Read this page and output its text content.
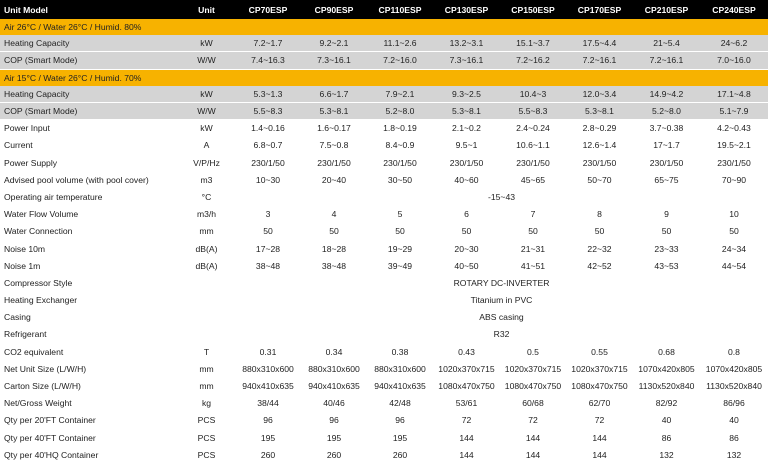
Unit Model	Unit	CP70ESP	CP90ESP	CP110ESP	CP130ESP	CP150ESP	CP170ESP	CP210ESP	CP240ESP
Air 26°C / Water 26°C / Humid. 80%									
Heating Capacity	kW	7.2~1.7	9.2~2.1	11.1~2.6	13.2~3.1	15.1~3.7	17.5~4.4	21~5.4	24~6.2
COP (Smart Mode)	W/W	7.4~16.3	7.3~16.1	7.2~16.0	7.3~16.1	7.2~16.2	7.2~16.1	7.2~16.1	7.0~16.0
Air 15°C / Water 26°C / Humid. 70%									
Heating Capacity	kW	5.3~1.3	6.6~1.7	7.9~2.1	9.3~2.5	10.4~3	12.0~3.4	14.9~4.2	17.1~4.8
COP (Smart Mode)	W/W	5.5~8.3	5.3~8.1	5.2~8.0	5.3~8.1	5.5~8.3	5.3~8.1	5.2~8.0	5.1~7.9
Power Input	kW	1.4~0.16	1.6~0.17	1.8~0.19	2.1~0.2	2.4~0.24	2.8~0.29	3.7~0.38	4.2~0.43
Current	A	6.8~0.7	7.5~0.8	8.4~0.9	9.5~1	10.6~1.1	12.6~1.4	17~1.7	19.5~2.1
Power Supply	V/P/Hz	230/1/50	230/1/50	230/1/50	230/1/50	230/1/50	230/1/50	230/1/50	230/1/50
Advised pool volume (with pool cover)	m3	10~30	20~40	30~50	40~60	45~65	50~70	65~75	70~90
Operating air temperature	°C	-15~43							
Water Flow Volume	m3/h	3	4	5	6	7	8	9	10
Water Connection	mm	50	50	50	50	50	50	50	50
Noise 10m	dB(A)	17~28	18~28	19~29	20~30	21~31	22~32	23~33	24~34
Noise 1m	dB(A)	38~48	38~48	39~49	40~50	41~51	42~52	43~53	44~54
Compressor Style		ROTARY DC-INVERTER							
Heating Exchanger		Titanium in PVC							
Casing		ABS casing							
Refrigerant		R32							
CO2 equivalent	T	0.31	0.34	0.38	0.43	0.5	0.55	0.68	0.8
Net Unit Size (L/W/H)	mm	880x310x600	880x310x600	880x310x600	1020x370x715	1020x370x715	1020x370x715	1070x420x805	1070x420x805
Carton Size (L/W/H)	mm	940x410x635	940x410x635	940x410x635	1080x470x750	1080x470x750	1080x470x750	1130x520x840	1130x520x840
Net/Gross Weight	kg	38/44	40/46	42/48	53/61	60/68	62/70	82/92	86/96
Qty per 20'FT Container	PCS	96	96	96	72	72	72	40	40
Qty per 40'FT Container	PCS	195	195	195	144	144	144	86	86
Qty per 40'HQ Container	PCS	260	260	260	144	144	144	132	132
